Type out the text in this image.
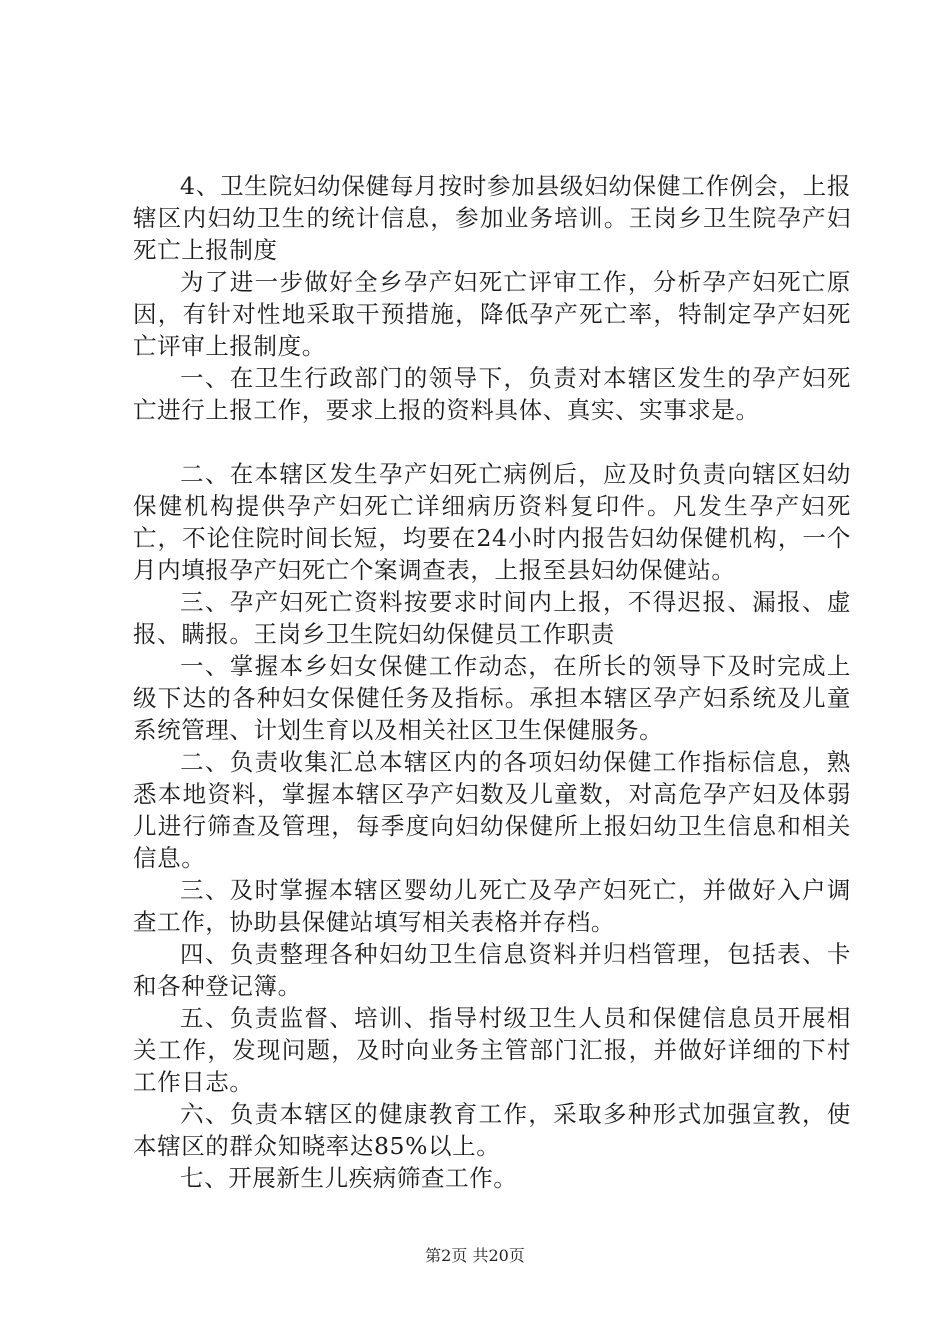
4、卫生院妇幼保健每月按时参加县级妇幼保健工作例会，上报辖区内妇幼卫生的统计信息，参加业务培训。王岗乡卫生院孕产妇死亡上报制度

为了进一步做好全乡孕产妇死亡评审工作，分析孕产妇死亡原因，有针对性地采取干预措施，降低孕产死亡率，特制定孕产妇死亡评审上报制度。

一、在卫生行政部门的领导下，负责对本辖区发生的孕产妇死亡进行上报工作，要求上报的资料具体、真实、实事求是。

二、在本辖区发生孕产妇死亡病例后，应及时负责向辖区妇幼保健机构提供孕产妇死亡详细病历资料复印件。凡发生孕产妇死亡，不论住院时间长短，均要在24小时内报告妇幼保健机构，一个月内填报孕产妇死亡个案调查表，上报至县妇幼保健站。

三、孕产妇死亡资料按要求时间内上报，不得迟报、漏报、虚报、瞒报。王岗乡卫生院妇幼保健员工作职责

一、掌握本乡妇女保健工作动态，在所长的领导下及时完成上级下达的各种妇女保健任务及指标。承担本辖区孕产妇系统及儿童系统管理、计划生育以及相关社区卫生保健服务。

二、负责收集汇总本辖区内的各项妇幼保健工作指标信息，熟悉本地资料，掌握本辖区孕产妇数及儿童数，对高危孕产妇及体弱儿进行筛查及管理，每季度向妇幼保健所上报妇幼卫生信息和相关信息。

三、及时掌握本辖区婴幼儿死亡及孕产妇死亡，并做好入户调查工作，协助县保健站填写相关表格并存档。

四、负责整理各种妇幼卫生信息资料并归档管理，包括表、卡和各种登记簿。

五、负责监督、培训、指导村级卫生人员和保健信息员开展相关工作，发现问题，及时向业务主管部门汇报，并做好详细的下村工作日志。

六、负责本辖区的健康教育工作，采取多种形式加强宣教，使本辖区的群众知晓率达85%以上。

七、开展新生儿疾病筛查工作。

第2页 共20页
